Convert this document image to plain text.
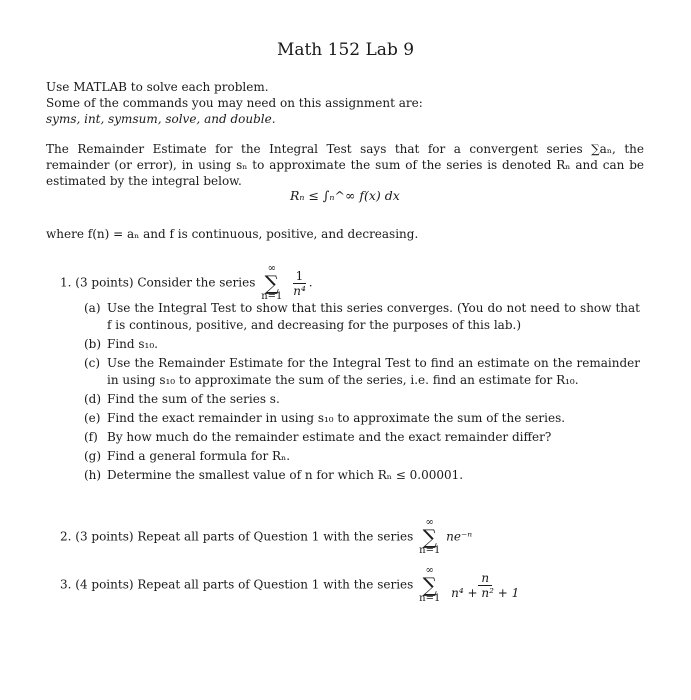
Math 152 Lab 9
Use MATLAB to solve each problem.
Some of the commands you may need on this assignment are:
syms, int, symsum, solve, and double.
The Remainder Estimate for the Integral Test says that for a convergent series ∑aₙ, the remainder (or error), in using sₙ to approximate the sum of the series is denoted Rₙ and can be estimated by the integral below.
Rₙ ≤ ∫ₙ^∞ f(x) dx
where f(n) = aₙ and f is continuous, positive, and decreasing.
1. (3 points) Consider the series
∞
∑
n=1
$\frac{1}{\text{n⁴}}$ .
(a) Use the Integral Test to show that this series converges. (You do not need to show that f is continous, positive, and decreasing for the purposes of this lab.)
(b) Find s₁₀.
(c) Use the Remainder Estimate for the Integral Test to find an estimate on the remainder in using s₁₀ to approximate the sum of the series, i.e. find an estimate for R₁₀.
(d) Find the sum of the series s.
(e) Find the exact remainder in using s₁₀ to approximate the sum of the series.
(f) By how much do the remainder estimate and the exact remainder differ?
(g) Find a general formula for Rₙ.
(h) Determine the smallest value of n for which Rₙ ≤ 0.00001.
2. (3 points) Repeat all parts of Question 1 with the series
∞
∑
n=1
ne⁻ⁿ
3. (4 points) Repeat all parts of Question 1 with the series
∞
∑
n=1
$\frac{n}{\text{n⁴ + n² + 1}}$
